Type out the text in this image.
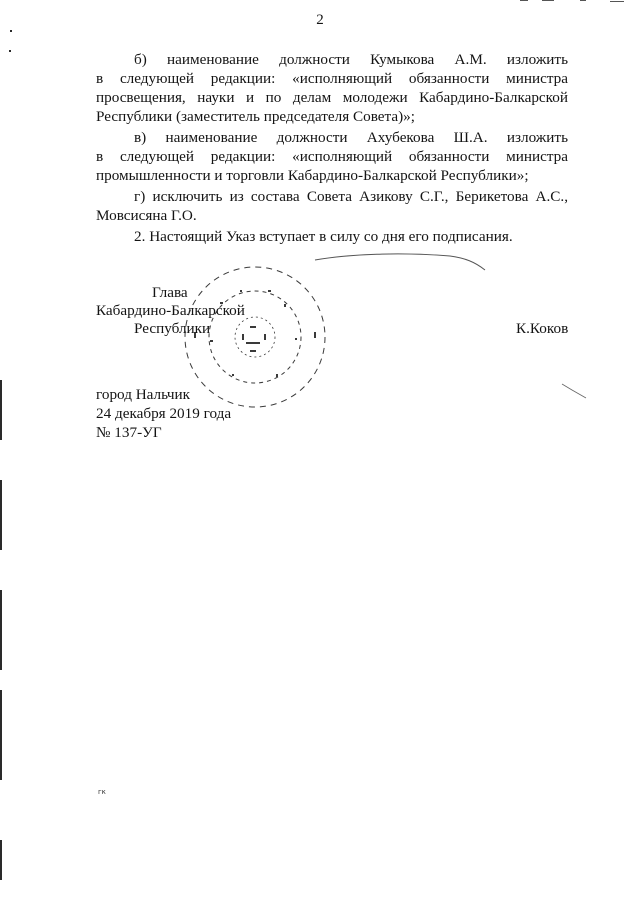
2

б) наименование должности Кумыкова А.М. изложить

в следующей редакции: «исполняющий обязанности министра

просвещения, науки и по делам молодежи Кабардино-Балкарской

Республики (заместитель председателя Совета)»;

в) наименование должности Ахубекова Ш.А. изложить

в следующей редакции: «исполняющий обязанности министра

промышленности и торговли Кабардино-Балкарской Республики»;

г) исключить из состава Совета Азикову С.Г., Берикетова А.С.,

Мовсисяна Г.О.

2. Настоящий Указ вступает в силу со дня его подписания.

Глава
Кабардино-Балкарской
Республики	К.Коков
город Нальчик
24 декабря 2019 года
№ 137-УГ
гк
